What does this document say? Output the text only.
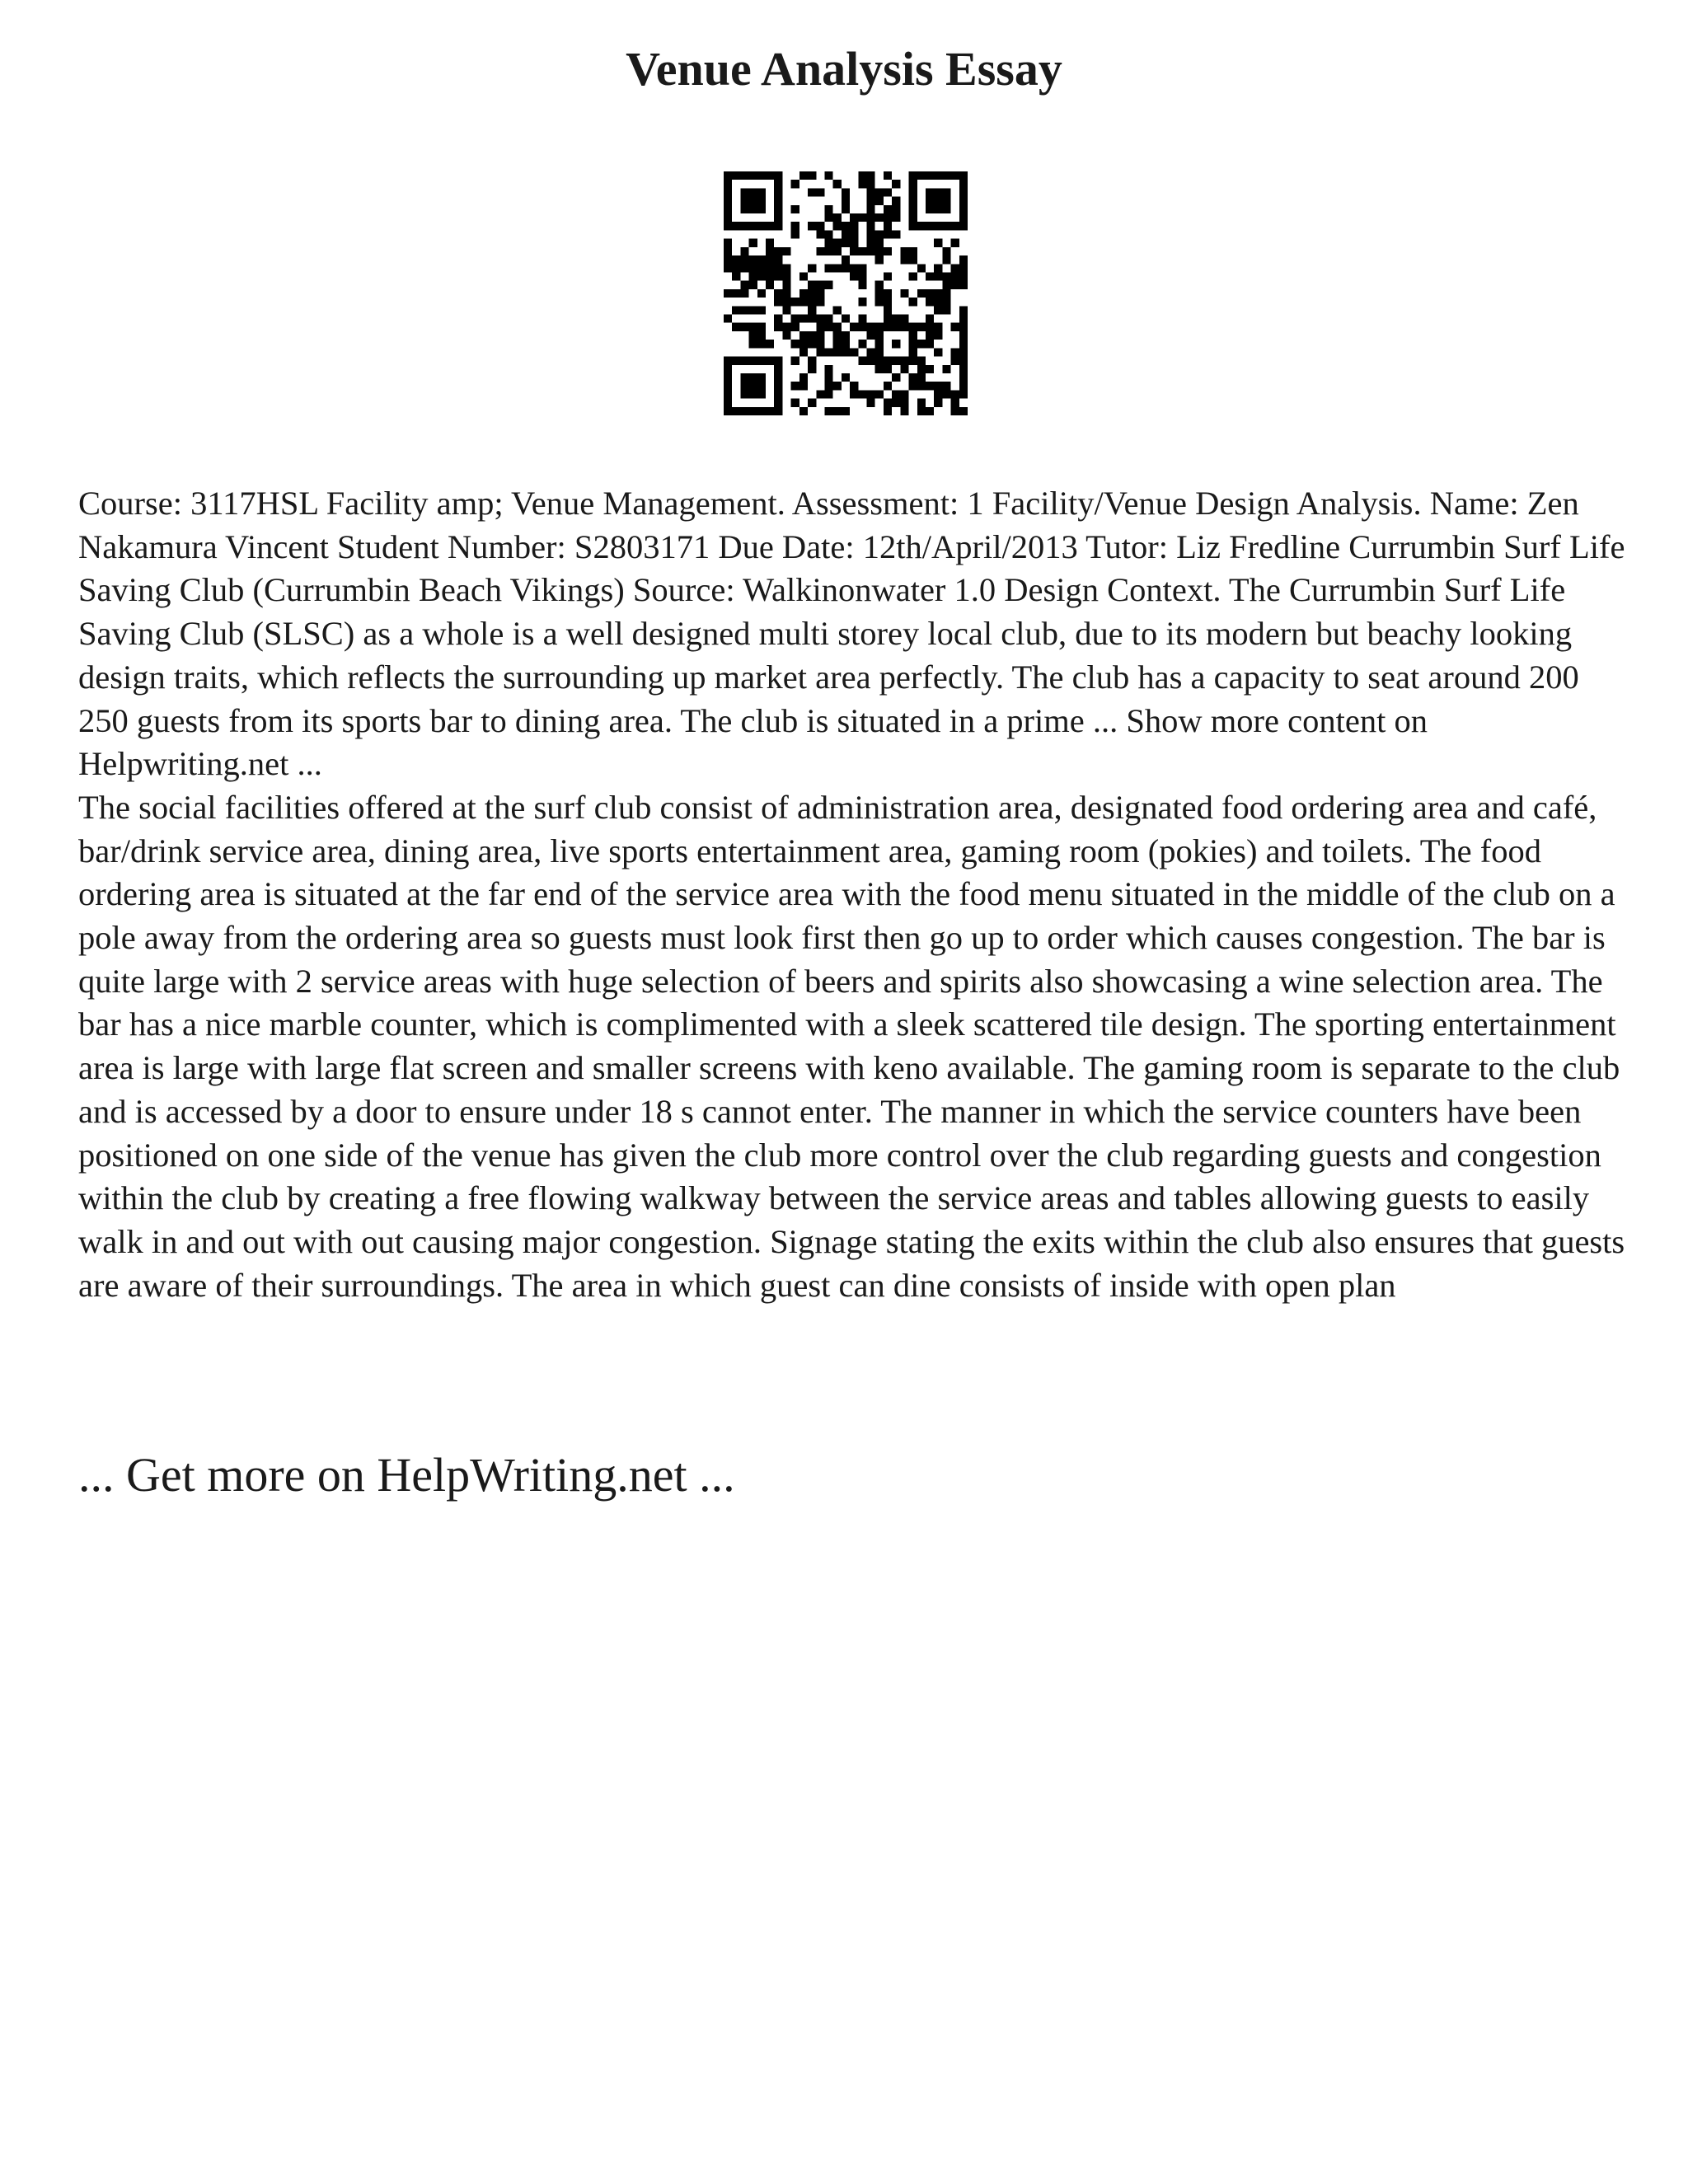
Venue Analysis Essay

Course: 3117HSL Facility amp; Venue Management. Assessment: 1 Facility/Venue Design Analysis. Name: Zen Nakamura Vincent Student Number: S2803171 Due Date: 12th/April/2013 Tutor: Liz Fredline Currumbin Surf Life Saving Club (Currumbin Beach Vikings) Source: Walkinonwater 1.0 Design Context. The Currumbin Surf Life Saving Club (SLSC) as a whole is a well designed multi storey local club, due to its modern but beachy looking design traits, which reflects the surrounding up market area perfectly. The club has a capacity to seat around 200 250 guests from its sports bar to dining area. The club is situated in a prime ... Show more content on Helpwriting.net ...

The social facilities offered at the surf club consist of administration area, designated food ordering area and café, bar/drink service area, dining area, live sports entertainment area, gaming room (pokies) and toilets. The food ordering area is situated at the far end of the service area with the food menu situated in the middle of the club on a pole away from the ordering area so guests must look first then go up to order which causes congestion. The bar is quite large with 2 service areas with huge selection of beers and spirits also showcasing a wine selection area. The bar has a nice marble counter, which is complimented with a sleek scattered tile design. The sporting entertainment area is large with large flat screen and smaller screens with keno available. The gaming room is separate to the club and is accessed by a door to ensure under 18 s cannot enter. The manner in which the service counters have been positioned on one side of the venue has given the club more control over the club regarding guests and congestion within the club by creating a free flowing walkway between the service areas and tables allowing guests to easily walk in and out with out causing major congestion. Signage stating the exits within the club also ensures that guests are aware of their surroundings. The area in which guest can dine consists of inside with open plan

... Get more on HelpWriting.net ...
